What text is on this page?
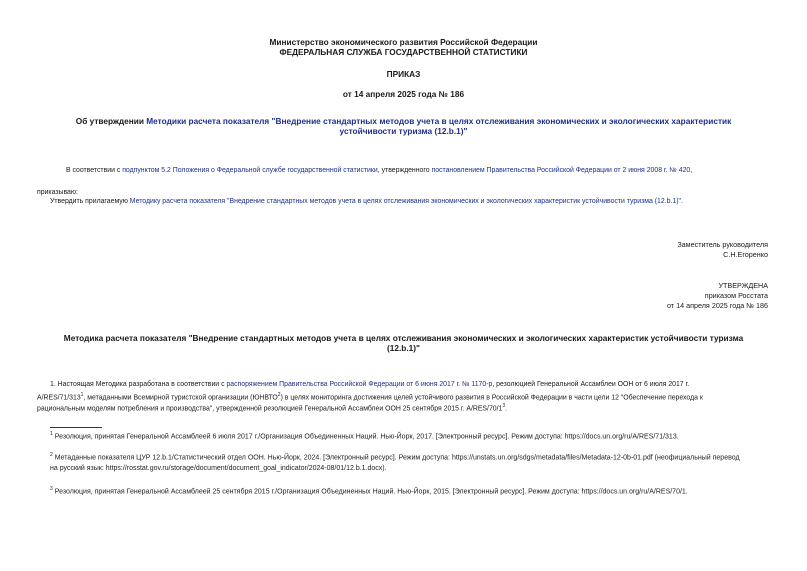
Министерство экономического развития Российской Федерации
ФЕДЕРАЛЬНАЯ СЛУЖБА ГОСУДАРСТВЕННОЙ СТАТИСТИКИ
ПРИКАЗ
от 14 апреля 2025 года № 186
Об утверждении Методики расчета показателя "Внедрение стандартных методов учета в целях отслеживания экономических и экологических характеристик
устойчивости туризма (12.b.1)"
В соответствии с подпунктом 5.2 Положения о Федеральной службе государственной статистики, утвержденного постановлением Правительства Российской Федерации от 2 июня 2008 г. № 420,
приказываю:
Утвердить прилагаемую Методику расчета показателя "Внедрение стандартных методов учета в целях отслеживания экономических и экологических характеристик устойчивости туризма (12.b.1)".
Заместитель руководителя
С.Н.Егоренко
УТВЕРЖДЕНА
приказом Росстата
от 14 апреля 2025 года № 186
Методика расчета показателя "Внедрение стандартных методов учета в целях отслеживания экономических и экологических характеристик устойчивости туризма
(12.b.1)"
1. Настоящая Методика разработана в соответствии с распоряжением Правительства Российской Федерации от 6 июня 2017 г. № 1170-р, резолюцией Генеральной Ассамблеи ООН от 6 июля 2017 г.
$A/RES/71/313^1$, метаданными Всемирной туристской организации (ЮНВТО$^2$) в целях мониторинга достижения целей устойчивого развития в Российской Федерации в части цели 12 "Обеспечение перехода к
рациональным моделям потребления и производства", утвержденной резолюцией Генеральной Ассамблеи ООН 25 сентября 2015 г. $A/RES/70/1^3$.
$^1$ Резолюция, принятая Генеральной Ассамблеей 6 июля 2017 г./Организация Объединенных Наций. Нью-Йорк, 2017. [Электронный ресурс]. Режим доступа: https://docs.un.org/ru/A/RES/71/313.
$^2$ Метаданные показателя ЦУР 12.b.1/Статистический отдел ООН. Нью-Йорк, 2024. [Электронный ресурс]. Режим доступа: https://unstats.un.org/sdgs/metadata/files/Metadata-12-0b-01.pdf (неофициальный перевод
на русский язык: https://rosstat.gov.ru/storage/document/document_goal_indicator/2024-08/01/12.b.1.docx).
$^3$ Резолюция, принятая Генеральной Ассамблеей 25 сентября 2015 г./Организация Объединенных Наций. Нью-Йорк, 2015. [Электронный ресурс]. Режим доступа: https://docs.un.org/ru/A/RES/70/1.
